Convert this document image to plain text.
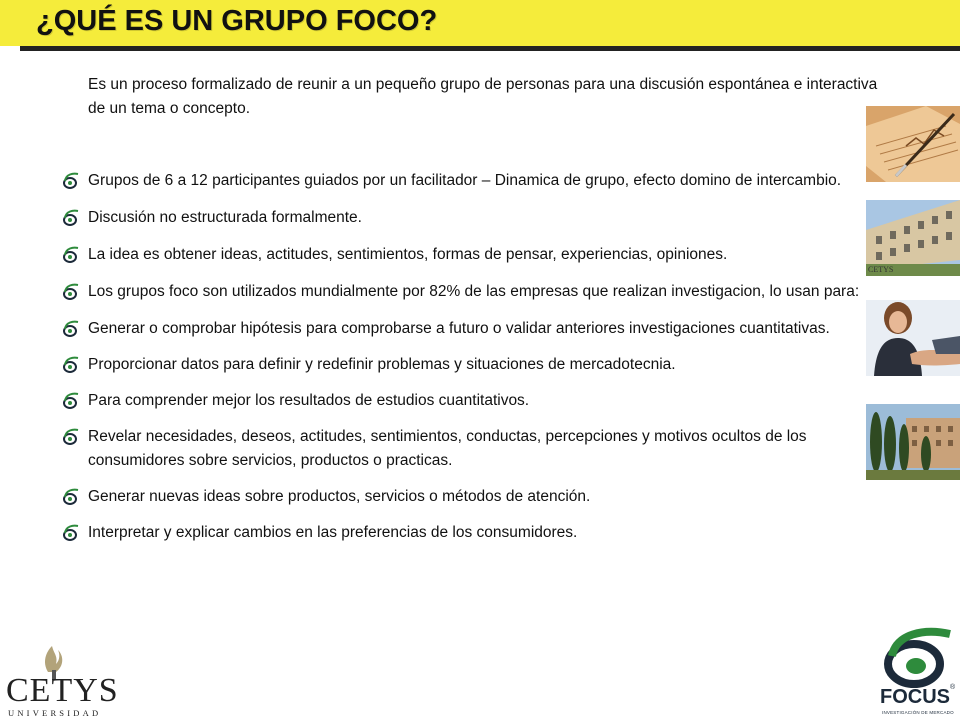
¿QUÉ ES UN GRUPO FOCO?
Es un proceso formalizado de reunir a un pequeño grupo de personas para una discusión espontánea e interactiva de un tema o concepto.
Grupos de 6 a 12 participantes guiados por un facilitador – Dinamica de grupo, efecto domino de intercambio.
Discusión no estructurada formalmente.
La idea es obtener ideas, actitudes, sentimientos, formas de pensar, experiencias, opiniones.
Los grupos foco son utilizados mundialmente por 82% de las empresas que realizan investigacion, lo usan para:
Generar o comprobar hipótesis para comprobarse a futuro o validar anteriores investigaciones cuantitativas.
Proporcionar datos para definir y redefinir problemas y situaciones de mercadotecnia.
Para comprender mejor los resultados de estudios cuantitativos.
Revelar necesidades, deseos, actitudes, sentimientos, conductas, percepciones y motivos ocultos de los consumidores sobre servicios, productos o practicas.
Generar nuevas ideas sobre productos, servicios o métodos de atención.
Interpretar y explicar cambios en las preferencias de los consumidores.
CETYS
CETYS
UNIVERSIDAD
FOCUS ®
INVESTIGACIÓN DE MERCADO
